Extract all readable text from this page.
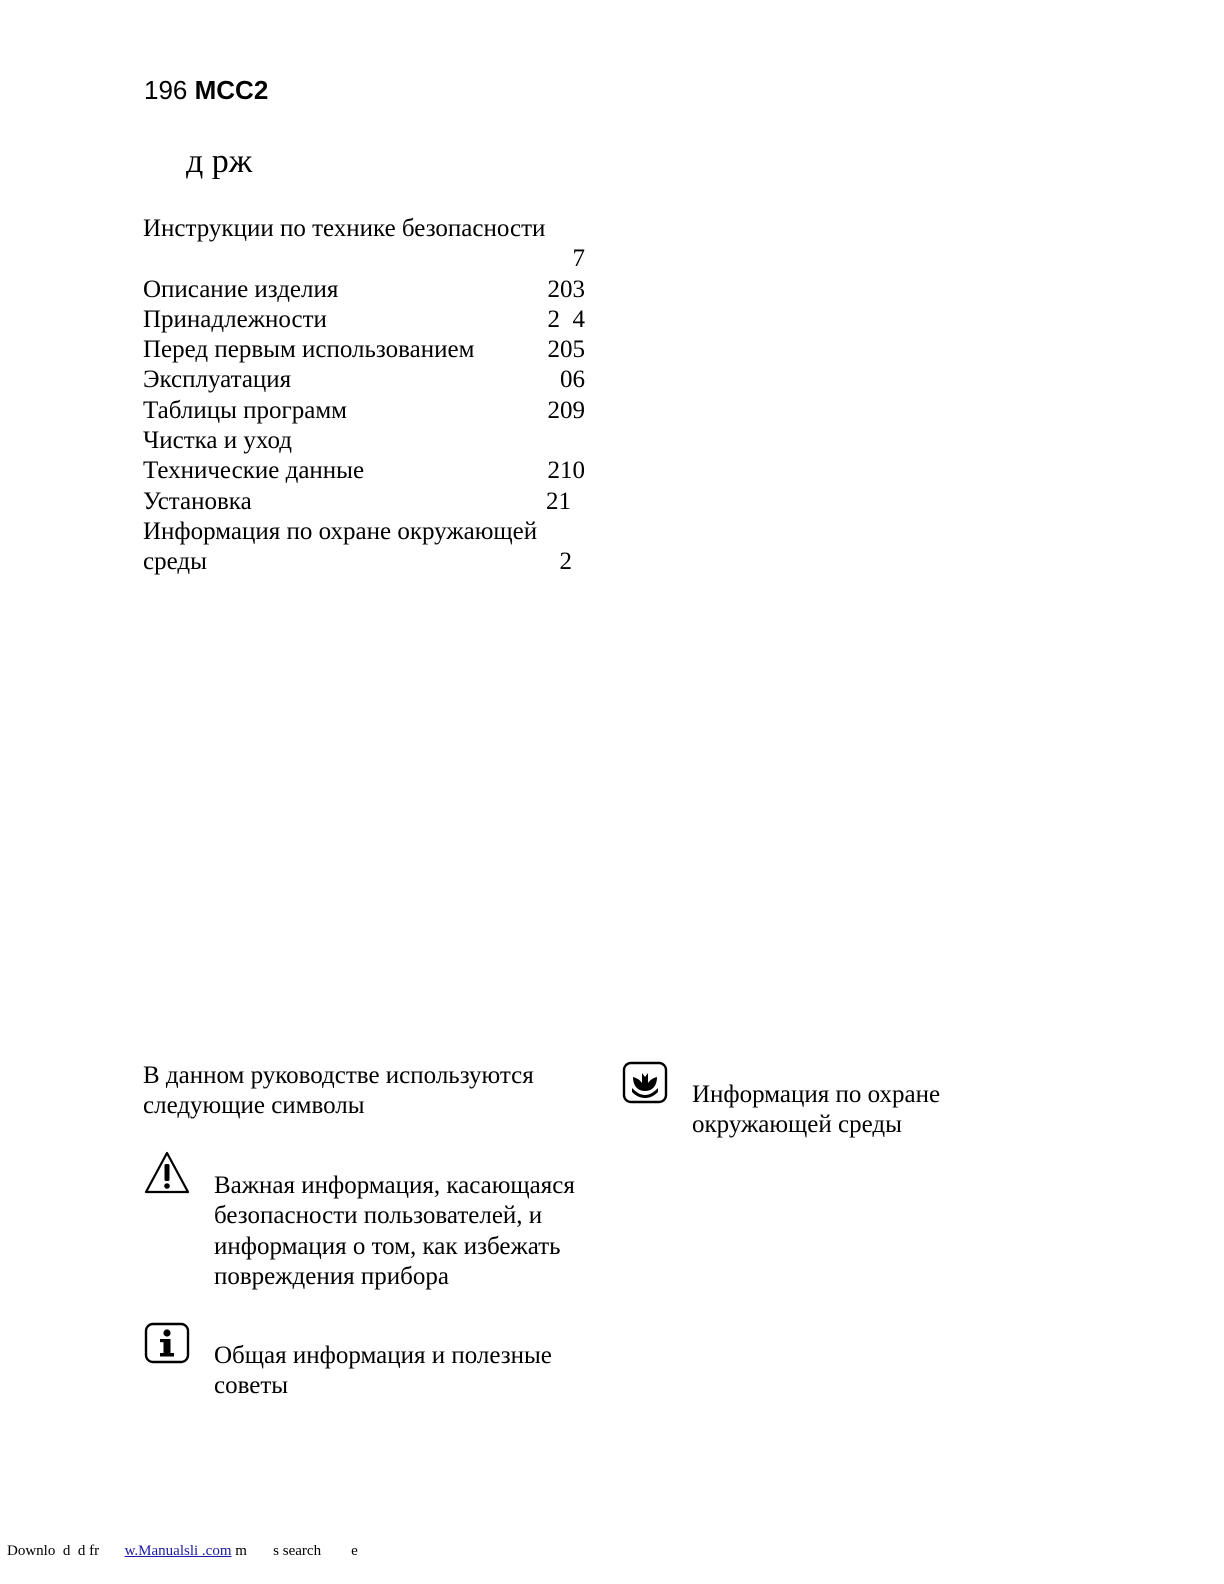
196 MCC2
д рж
Инструкции по технике безопасности
7
Описание изделия	203
Принадлежности	2  4
Перед первым использованием	205
Эксплуатация	06
Таблицы программ	209
Чистка и уход
Технические данные	210
Установка	21
Информация по охране окружающей среды	2
В данном руководстве используются следующие символы
Важная информация, касающаяся безопасности пользователей, и информация о том, как избежать повреждения прибора
Общая информация и полезные советы
Информация по охране окружающей среды
Downlo  d  d fr w.Manualsli .com m       s search        e
